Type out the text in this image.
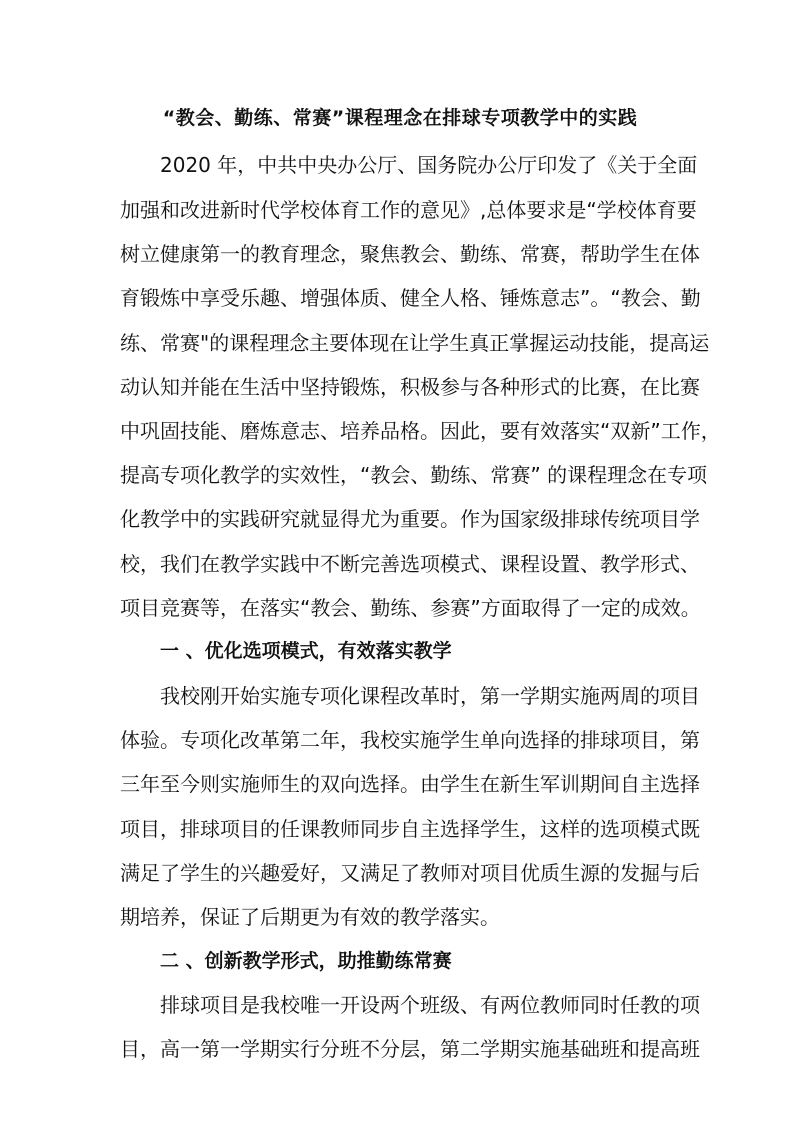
“教会、勤练、常赛”课程理念在排球专项教学中的实践
2020 年，中共中央办公厅、国务院办公厅印发了《关于全面
加强和改进新时代学校体育工作的意见》,总体要求是“学校体育要
树立健康第一的教育理念，聚焦教会、勤练、常赛，帮助学生在体
育锻炼中享受乐趣、增强体质、健全人格、锤炼意志”。“教会、勤
练、常赛"的课程理念主要体现在让学生真正掌握运动技能，提高运
动认知并能在生活中坚持锻炼，积极参与各种形式的比赛，在比赛
中巩固技能、磨炼意志、培养品格。因此，要有效落实“双新”工作，
提高专项化教学的实效性，“教会、勤练、常赛” 的课程理念在专项
化教学中的实践研究就显得尤为重要。作为国家级排球传统项目学
校，我们在教学实践中不断完善选项模式、课程设置、教学形式、
项目竞赛等，在落实“教会、勤练、参赛”方面取得了一定的成效。
一 、优化选项模式，有效落实教学
我校刚开始实施专项化课程改革时，第一学期实施两周的项目
体验。专项化改革第二年，我校实施学生单向选择的排球项目，第
三年至今则实施师生的双向选择。由学生在新生军训期间自主选择
项目，排球项目的任课教师同步自主选择学生，这样的选项模式既
满足了学生的兴趣爱好，又满足了教师对项目优质生源的发掘与后
期培养，保证了后期更为有效的教学落实。
二 、创新教学形式，助推勤练常赛
排球项目是我校唯一开设两个班级、有两位教师同时任教的项
目，高一第一学期实行分班不分层，第二学期实施基础班和提高班
